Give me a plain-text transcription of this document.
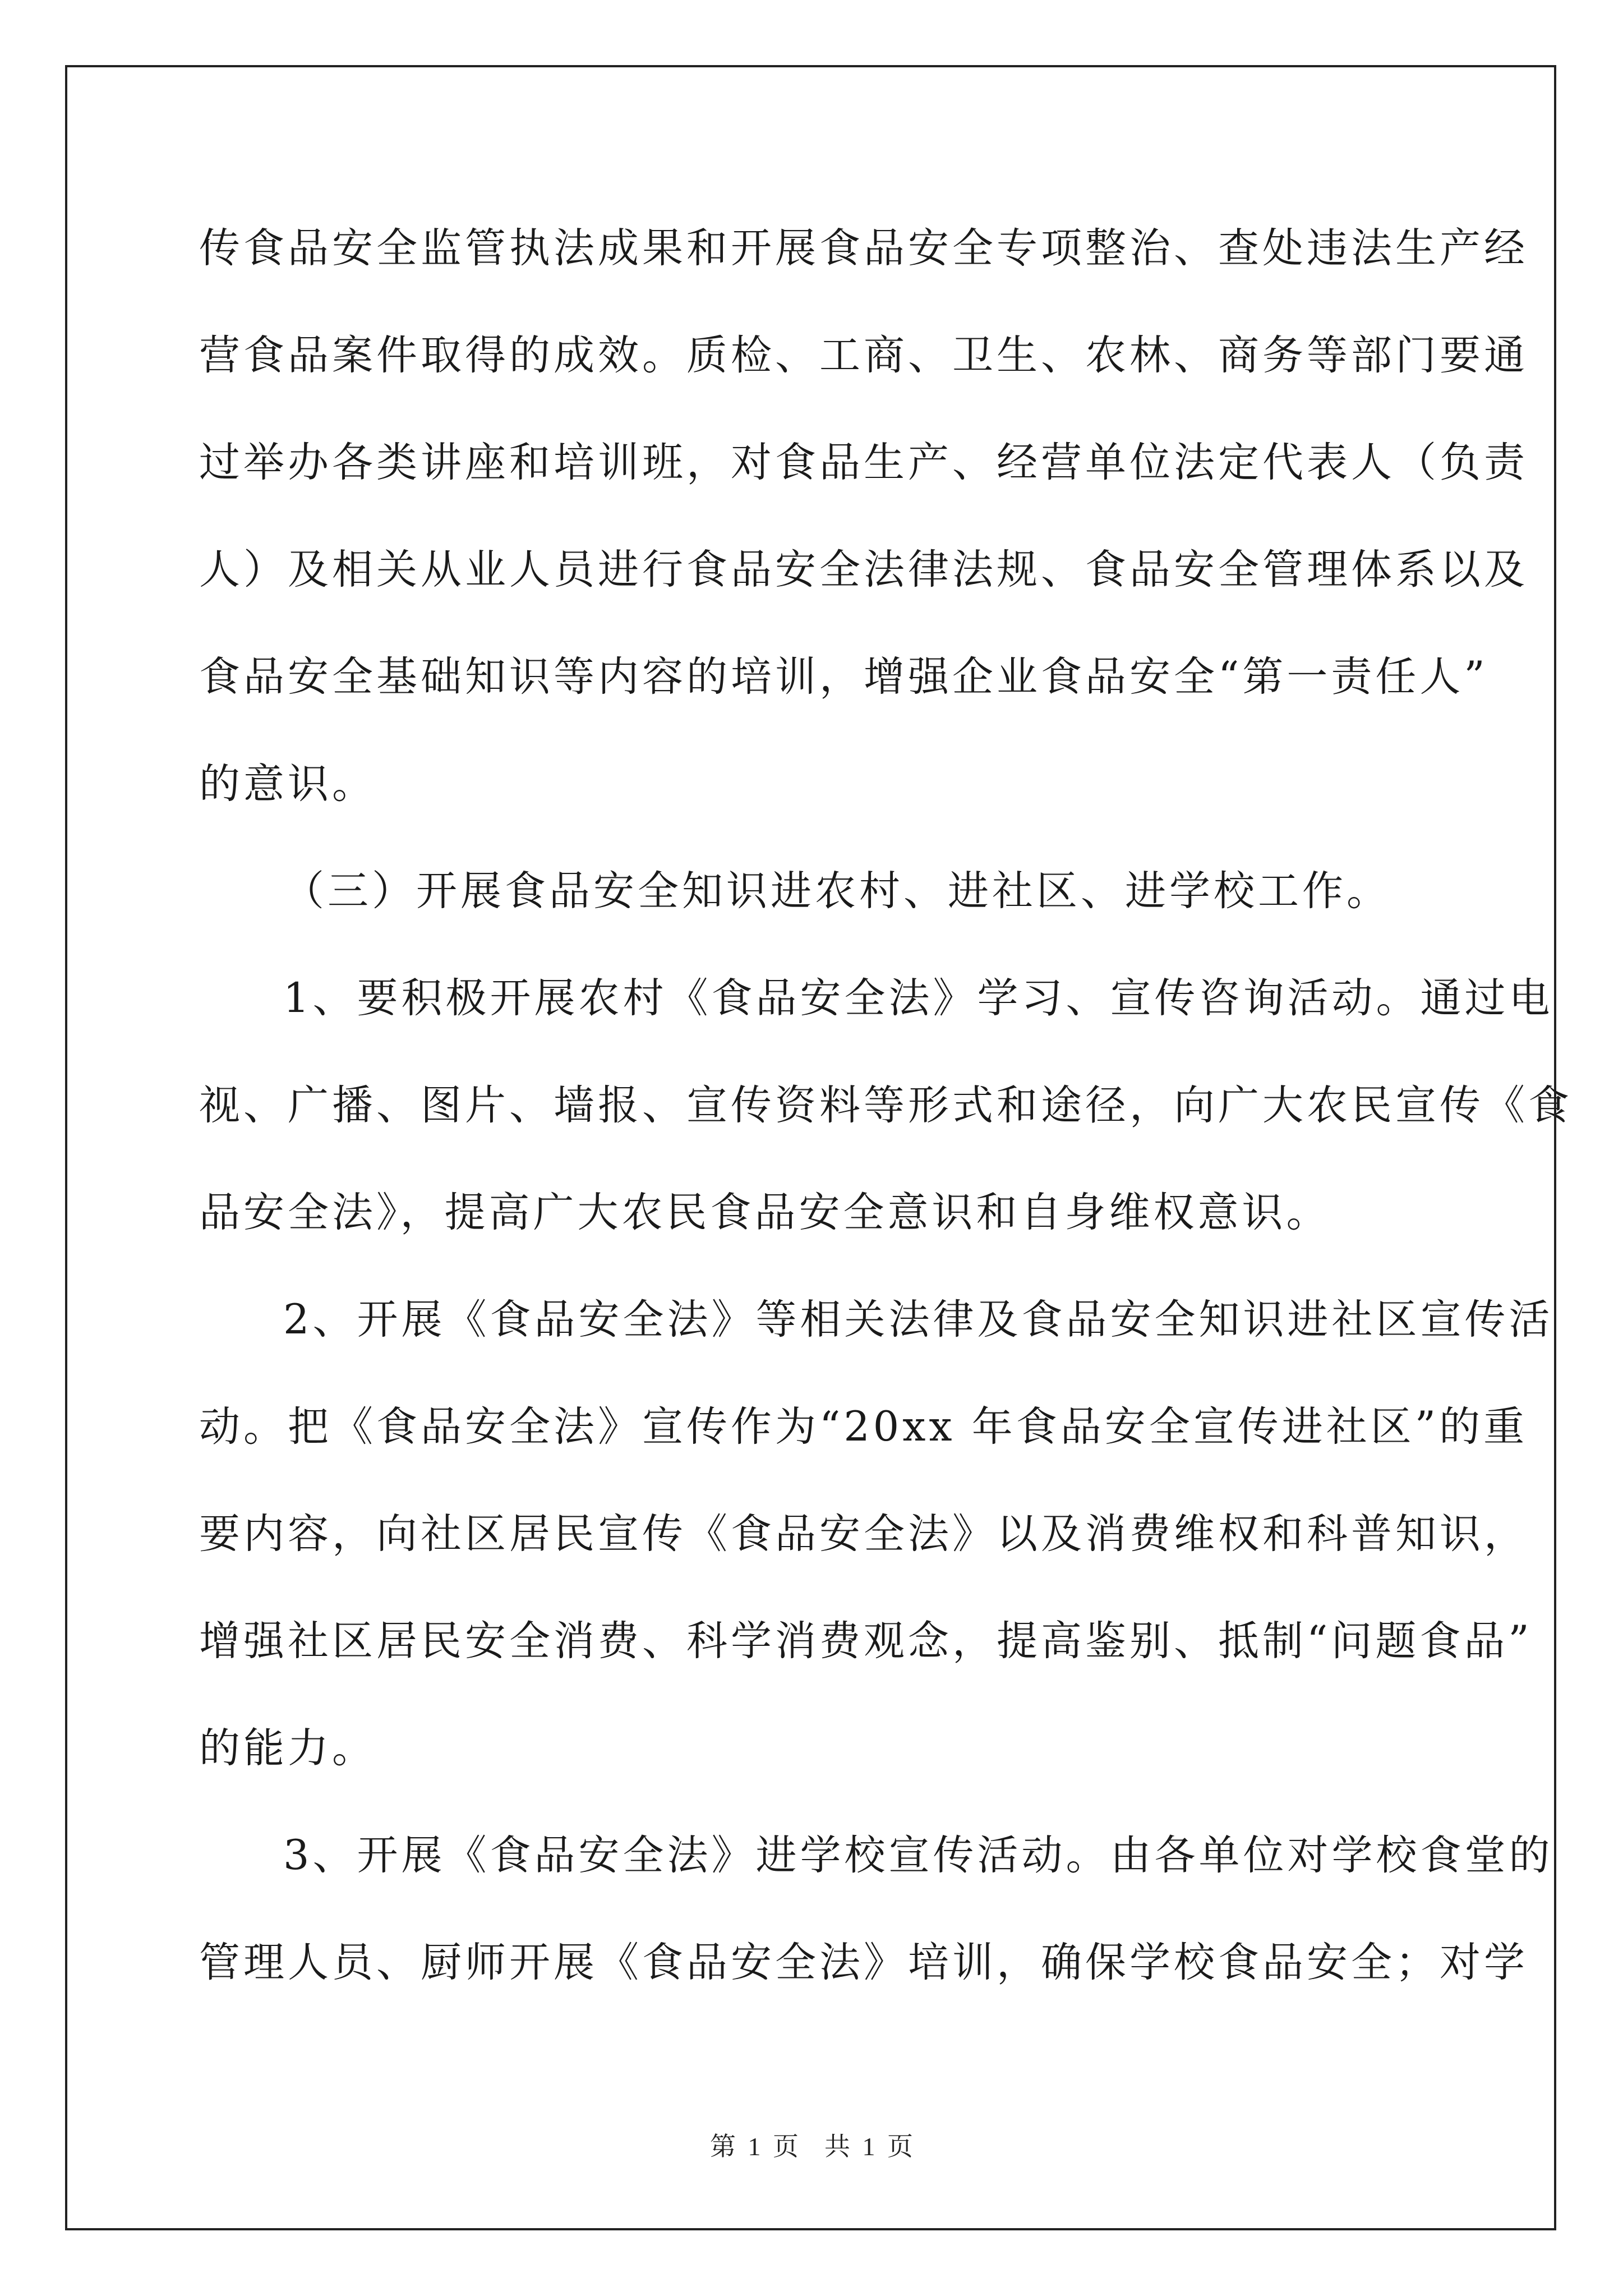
传食品安全监管执法成果和开展食品安全专项整治、查处违法生产经
营食品案件取得的成效。质检、工商、卫生、农林、商务等部门要通
过举办各类讲座和培训班，对食品生产、经营单位法定代表人（负责
人）及相关从业人员进行食品安全法律法规、食品安全管理体系以及
食品安全基础知识等内容的培训，增强企业食品安全“第一责任人”
的意识。
（三）开展食品安全知识进农村、进社区、进学校工作。
1、要积极开展农村《食品安全法》学习、宣传咨询活动。通过电
视、广播、图片、墙报、宣传资料等形式和途径，向广大农民宣传《食
品安全法》，提高广大农民食品安全意识和自身维权意识。
2、开展《食品安全法》等相关法律及食品安全知识进社区宣传活
动。把《食品安全法》宣传作为“20xx 年食品安全宣传进社区”的重
要内容，向社区居民宣传《食品安全法》以及消费维权和科普知识，
增强社区居民安全消费、科学消费观念，提高鉴别、抵制“问题食品”
的能力。
3、开展《食品安全法》进学校宣传活动。由各单位对学校食堂的
管理人员、厨师开展《食品安全法》培训，确保学校食品安全；对学
第 1 页　共 1 页
